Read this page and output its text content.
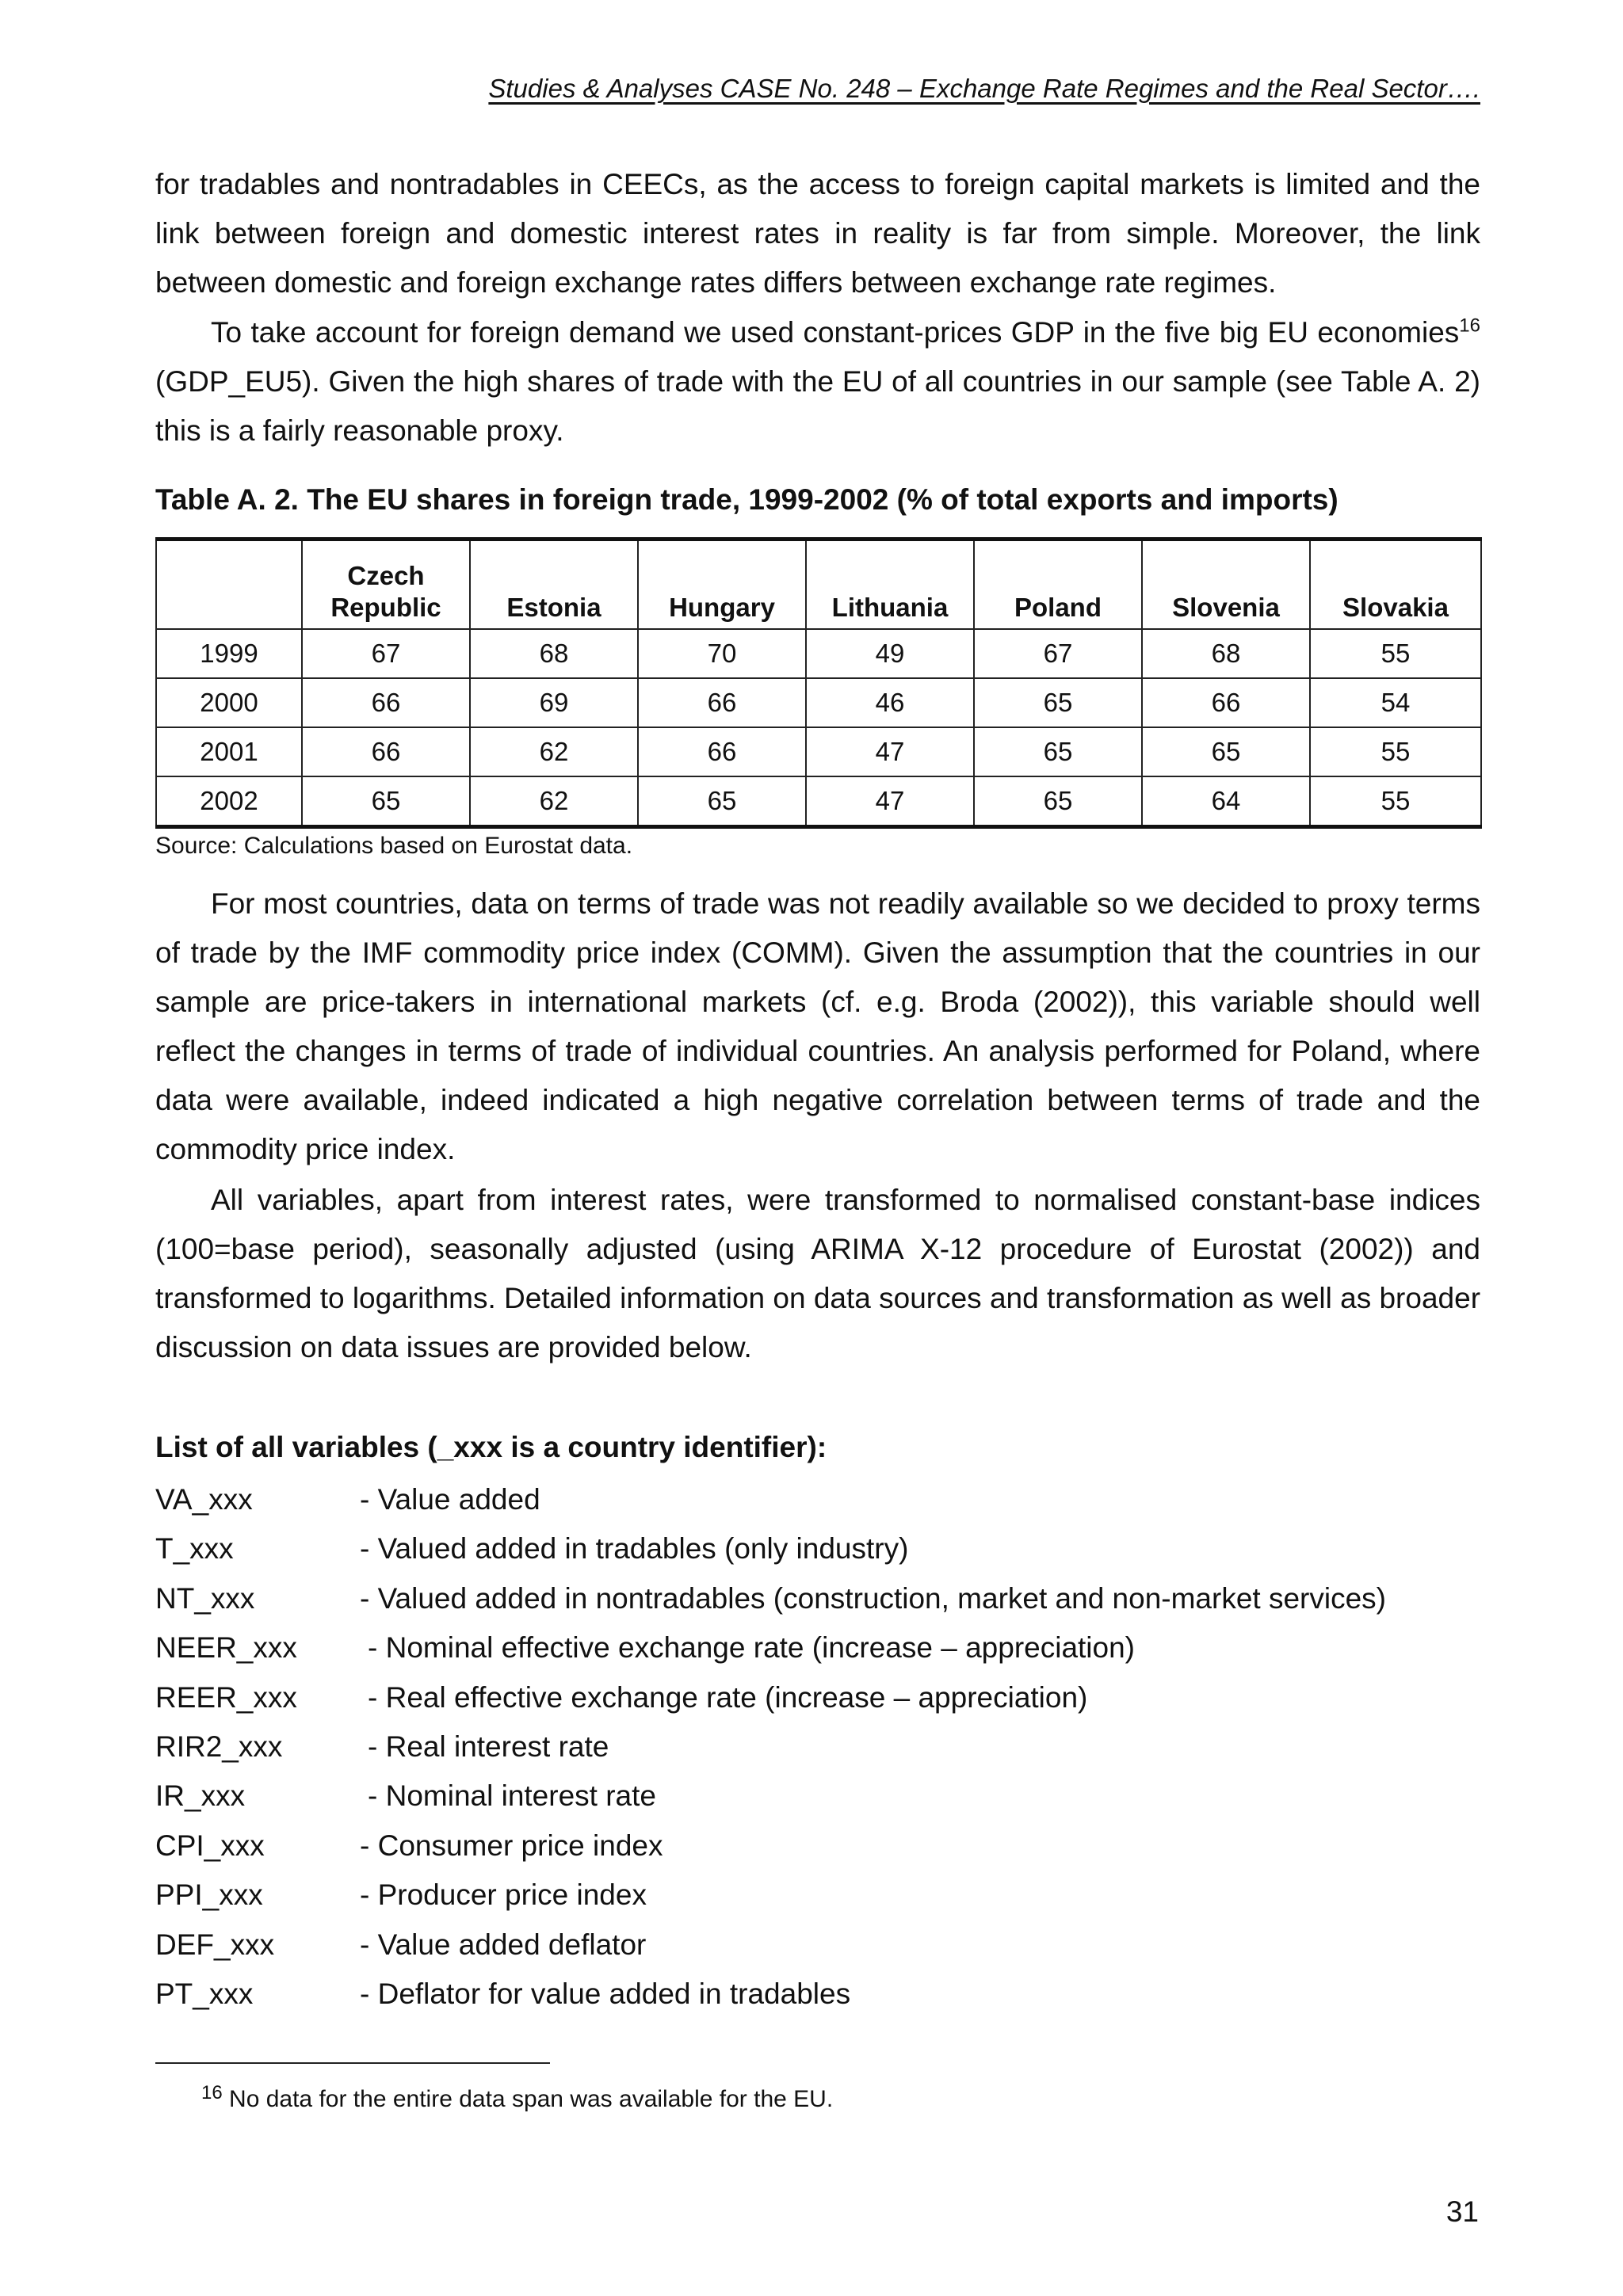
Studies & Analyses CASE No. 248 – Exchange Rate Regimes and the Real Sector….

for tradables and nontradables in CEECs, as the access to foreign capital markets is limited and the link between foreign and domestic interest rates in reality is far from simple. Moreover, the link between domestic and foreign exchange rates differs between exchange rate regimes.

To take account for foreign demand we used constant-prices GDP in the five big EU economies$^{16}$ (GDP_EU5). Given the high shares of trade with the EU of all countries in our sample (see Table A. 2) this is a fairly reasonable proxy.

Table A. 2. The EU shares in foreign trade, 1999-2002 (% of total exports and imports)
	Czech Republic	Estonia	Hungary	Lithuania	Poland	Slovenia	Slovakia
1999	67	68	70	49	67	68	55
2000	66	69	66	46	65	66	54
2001	66	62	66	47	65	65	55
2002	65	62	65	47	65	64	55
Source: Calculations based on Eurostat data.

For most countries, data on terms of trade was not readily available so we decided to proxy terms of trade by the IMF commodity price index (COMM). Given the assumption that the countries in our sample are price-takers in international markets (cf. e.g. Broda (2002)), this variable should well reflect the changes in terms of trade of individual countries. An analysis performed for Poland, where data were available, indeed indicated a high negative correlation between terms of trade and the commodity price index.

All variables, apart from interest rates, were transformed to normalised constant-base indices (100=base period), seasonally adjusted (using ARIMA X-12 procedure of Eurostat (2002)) and transformed to logarithms. Detailed information on data sources and transformation as well as broader discussion on data issues are provided below.

List of all variables (_xxx is a country identifier):
VA_xxx	- Value added
T_xxx	- Valued added in tradables (only industry)
NT_xxx	- Valued added in nontradables (construction, market and non-market services)
NEER_xxx - Nominal effective exchange rate (increase – appreciation)
REER_xxx - Real effective exchange rate (increase – appreciation)
RIR2_xxx	- Real interest rate
IR_xxx	- Nominal interest rate
CPI_xxx	- Consumer price index
PPI_xxx	- Producer price index
DEF_xxx	- Value added deflator
PT_xxx	- Deflator for value added in tradables
$^{16}$ No data for the entire data span was available for the EU.
31
